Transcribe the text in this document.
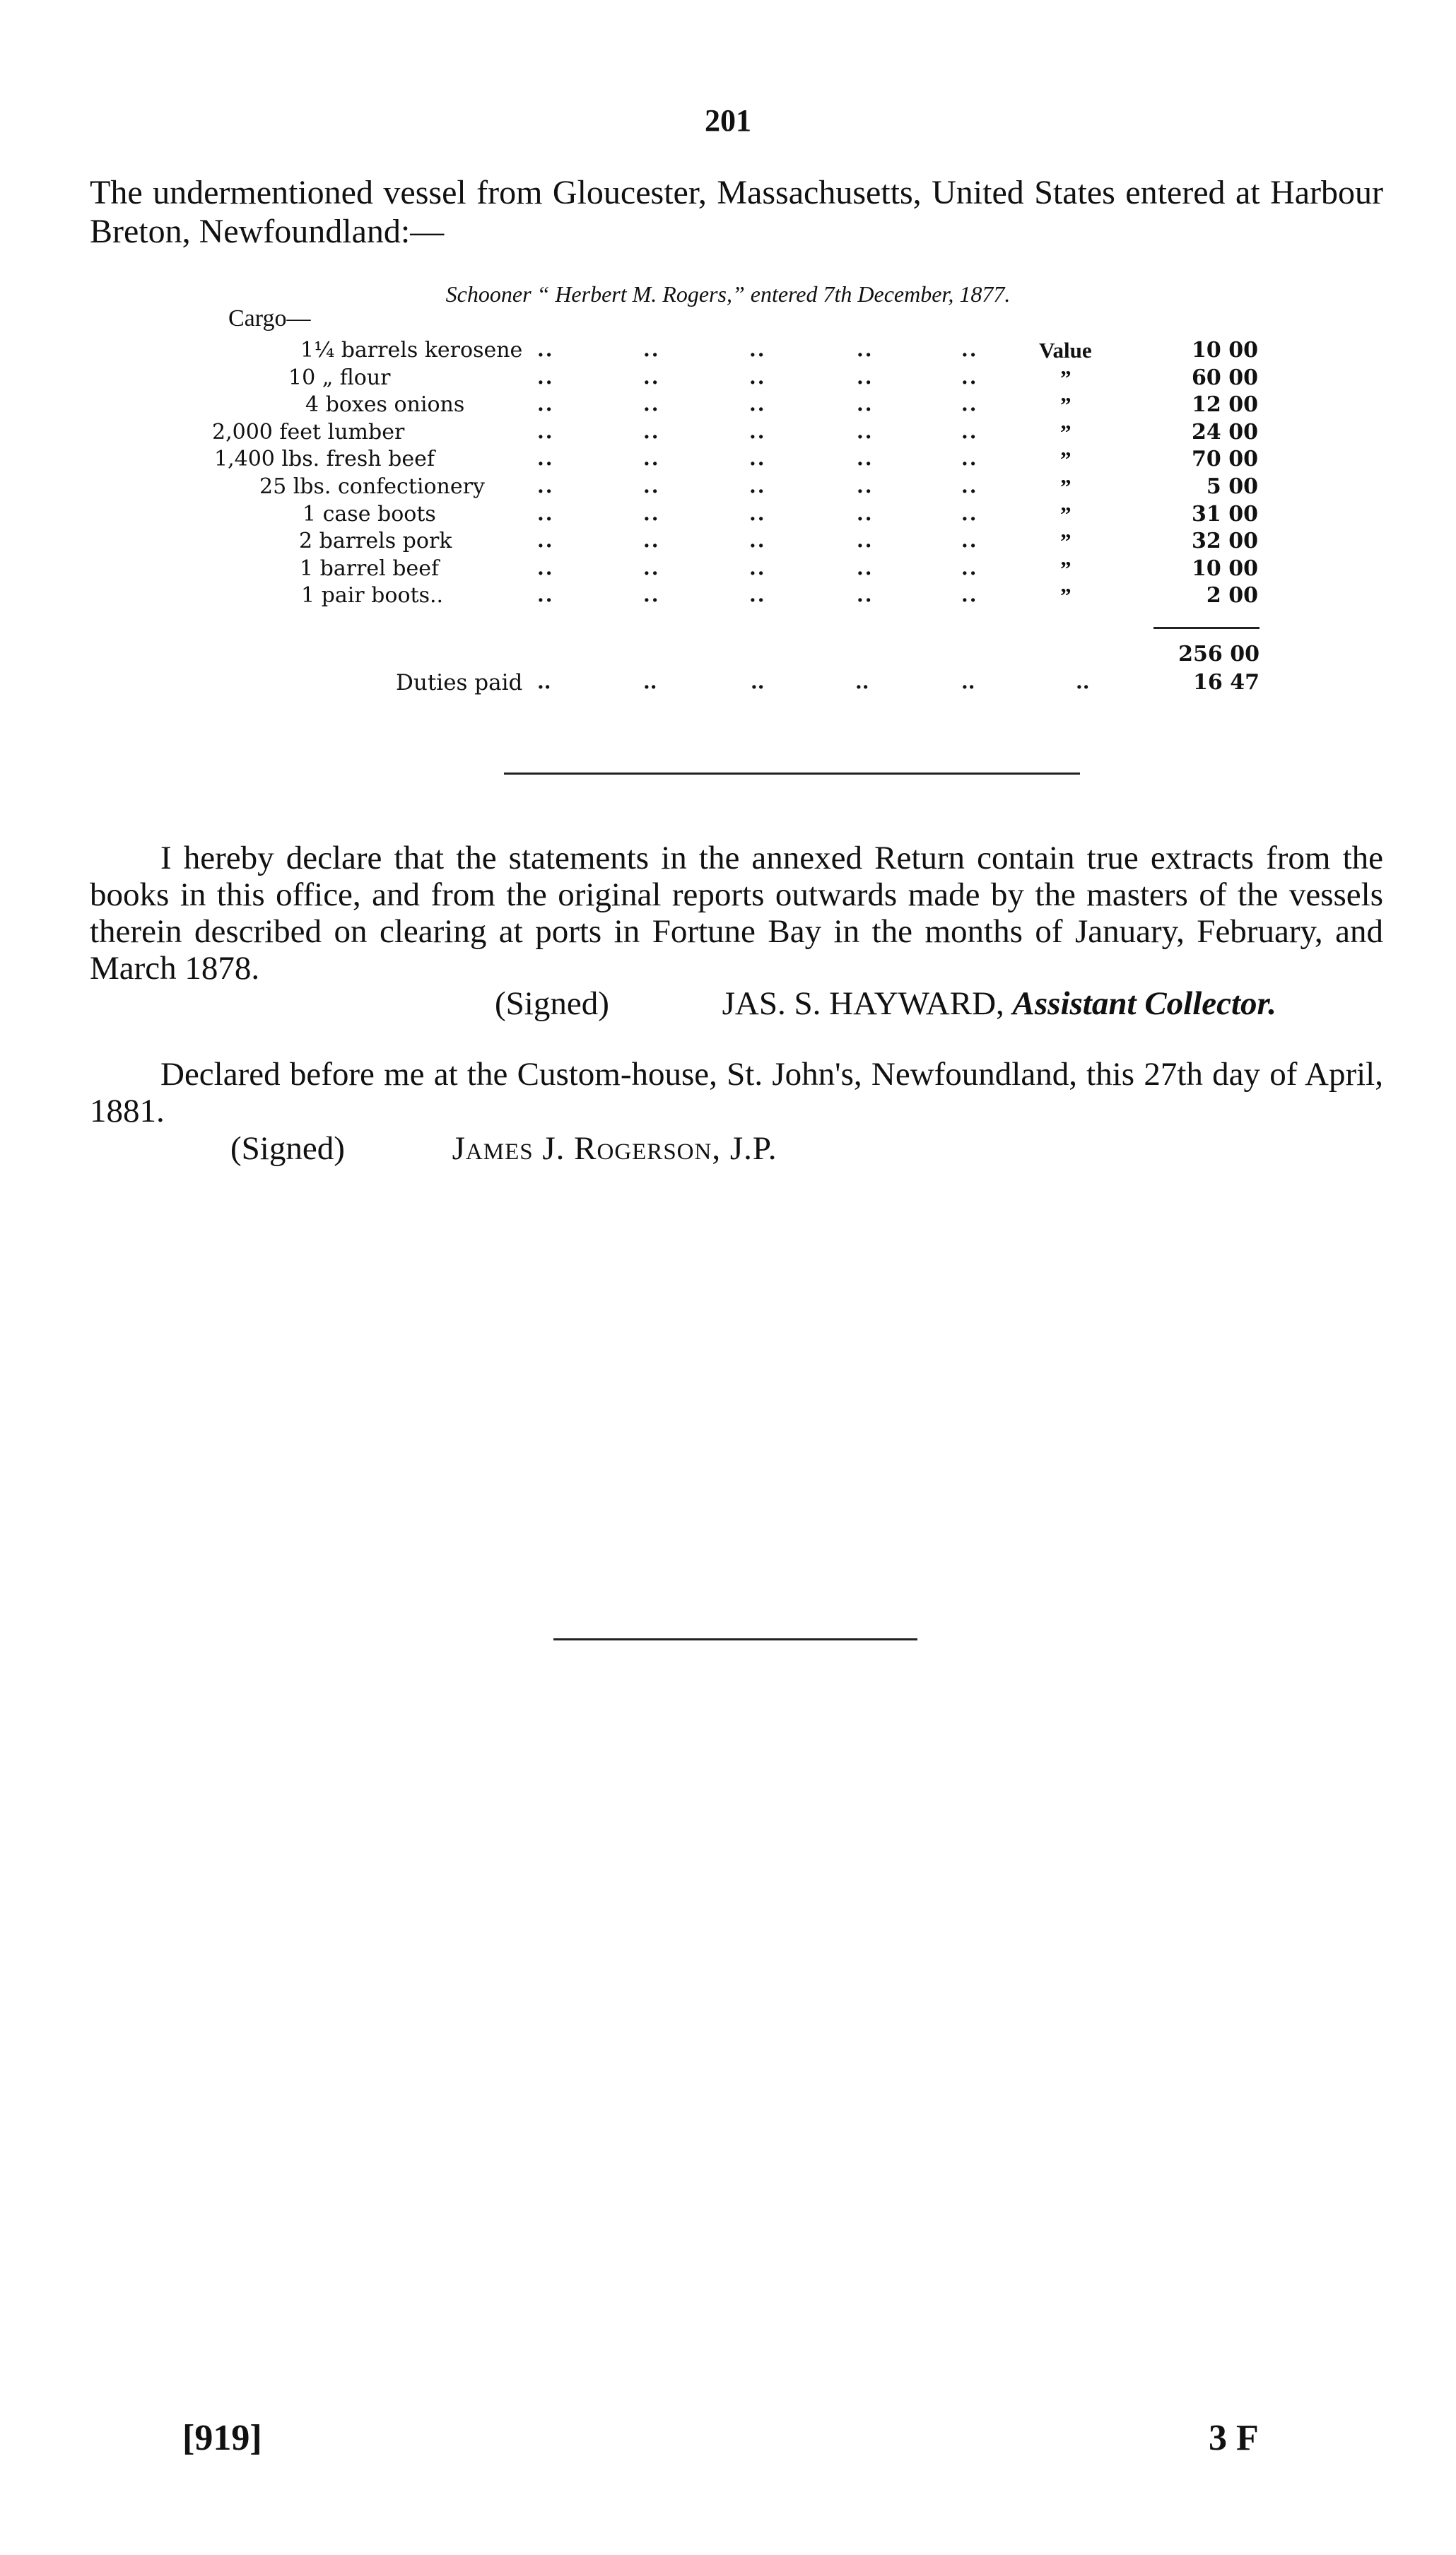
201
The undermentioned vessel from Gloucester, Massachusetts, United States entered at Harbour Breton, Newfoundland:—
Schooner “ Herbert M. Rogers,” entered 7th December, 1877.
Cargo—
1¼ barrels kerosene ..	..	..	..	..	Value	10 00
10 „ flour	..	..	..	..	..	”	60 00
4 boxes onions	..	..	..	..	..	”	12 00
2,000 feet lumber	..	..	..	..	..	”	24 00
1,400 lbs. fresh beef	..	..	..	..	..	”	70 00
25 lbs. confectionery	..	..	..	..	..	”	5 00
1 case boots	..	..	..	..	..	”	31 00
2 barrels pork	..	..	..	..	..	”	32 00
1 barrel beef	..	..	..	..	..	”	10 00
1 pair boots..	..	..	..	..	..	”	2 00
256 00
Duties paid ..	..	..	..	..	..	16 47
I hereby declare that the statements in the annexed Return contain true extracts from the books in this office, and from the original reports outwards made by the masters of the vessels therein described on clearing at ports in Fortune Bay in the months of January, February, and March 1878.
(Signed)	JAS. S. HAYWARD, Assistant Collector.
Declared before me at the Custom-house, St. John's, Newfoundland, this 27th day of April, 1881.
(Signed)	James J. Rogerson, J.P.
[919]	3 F
